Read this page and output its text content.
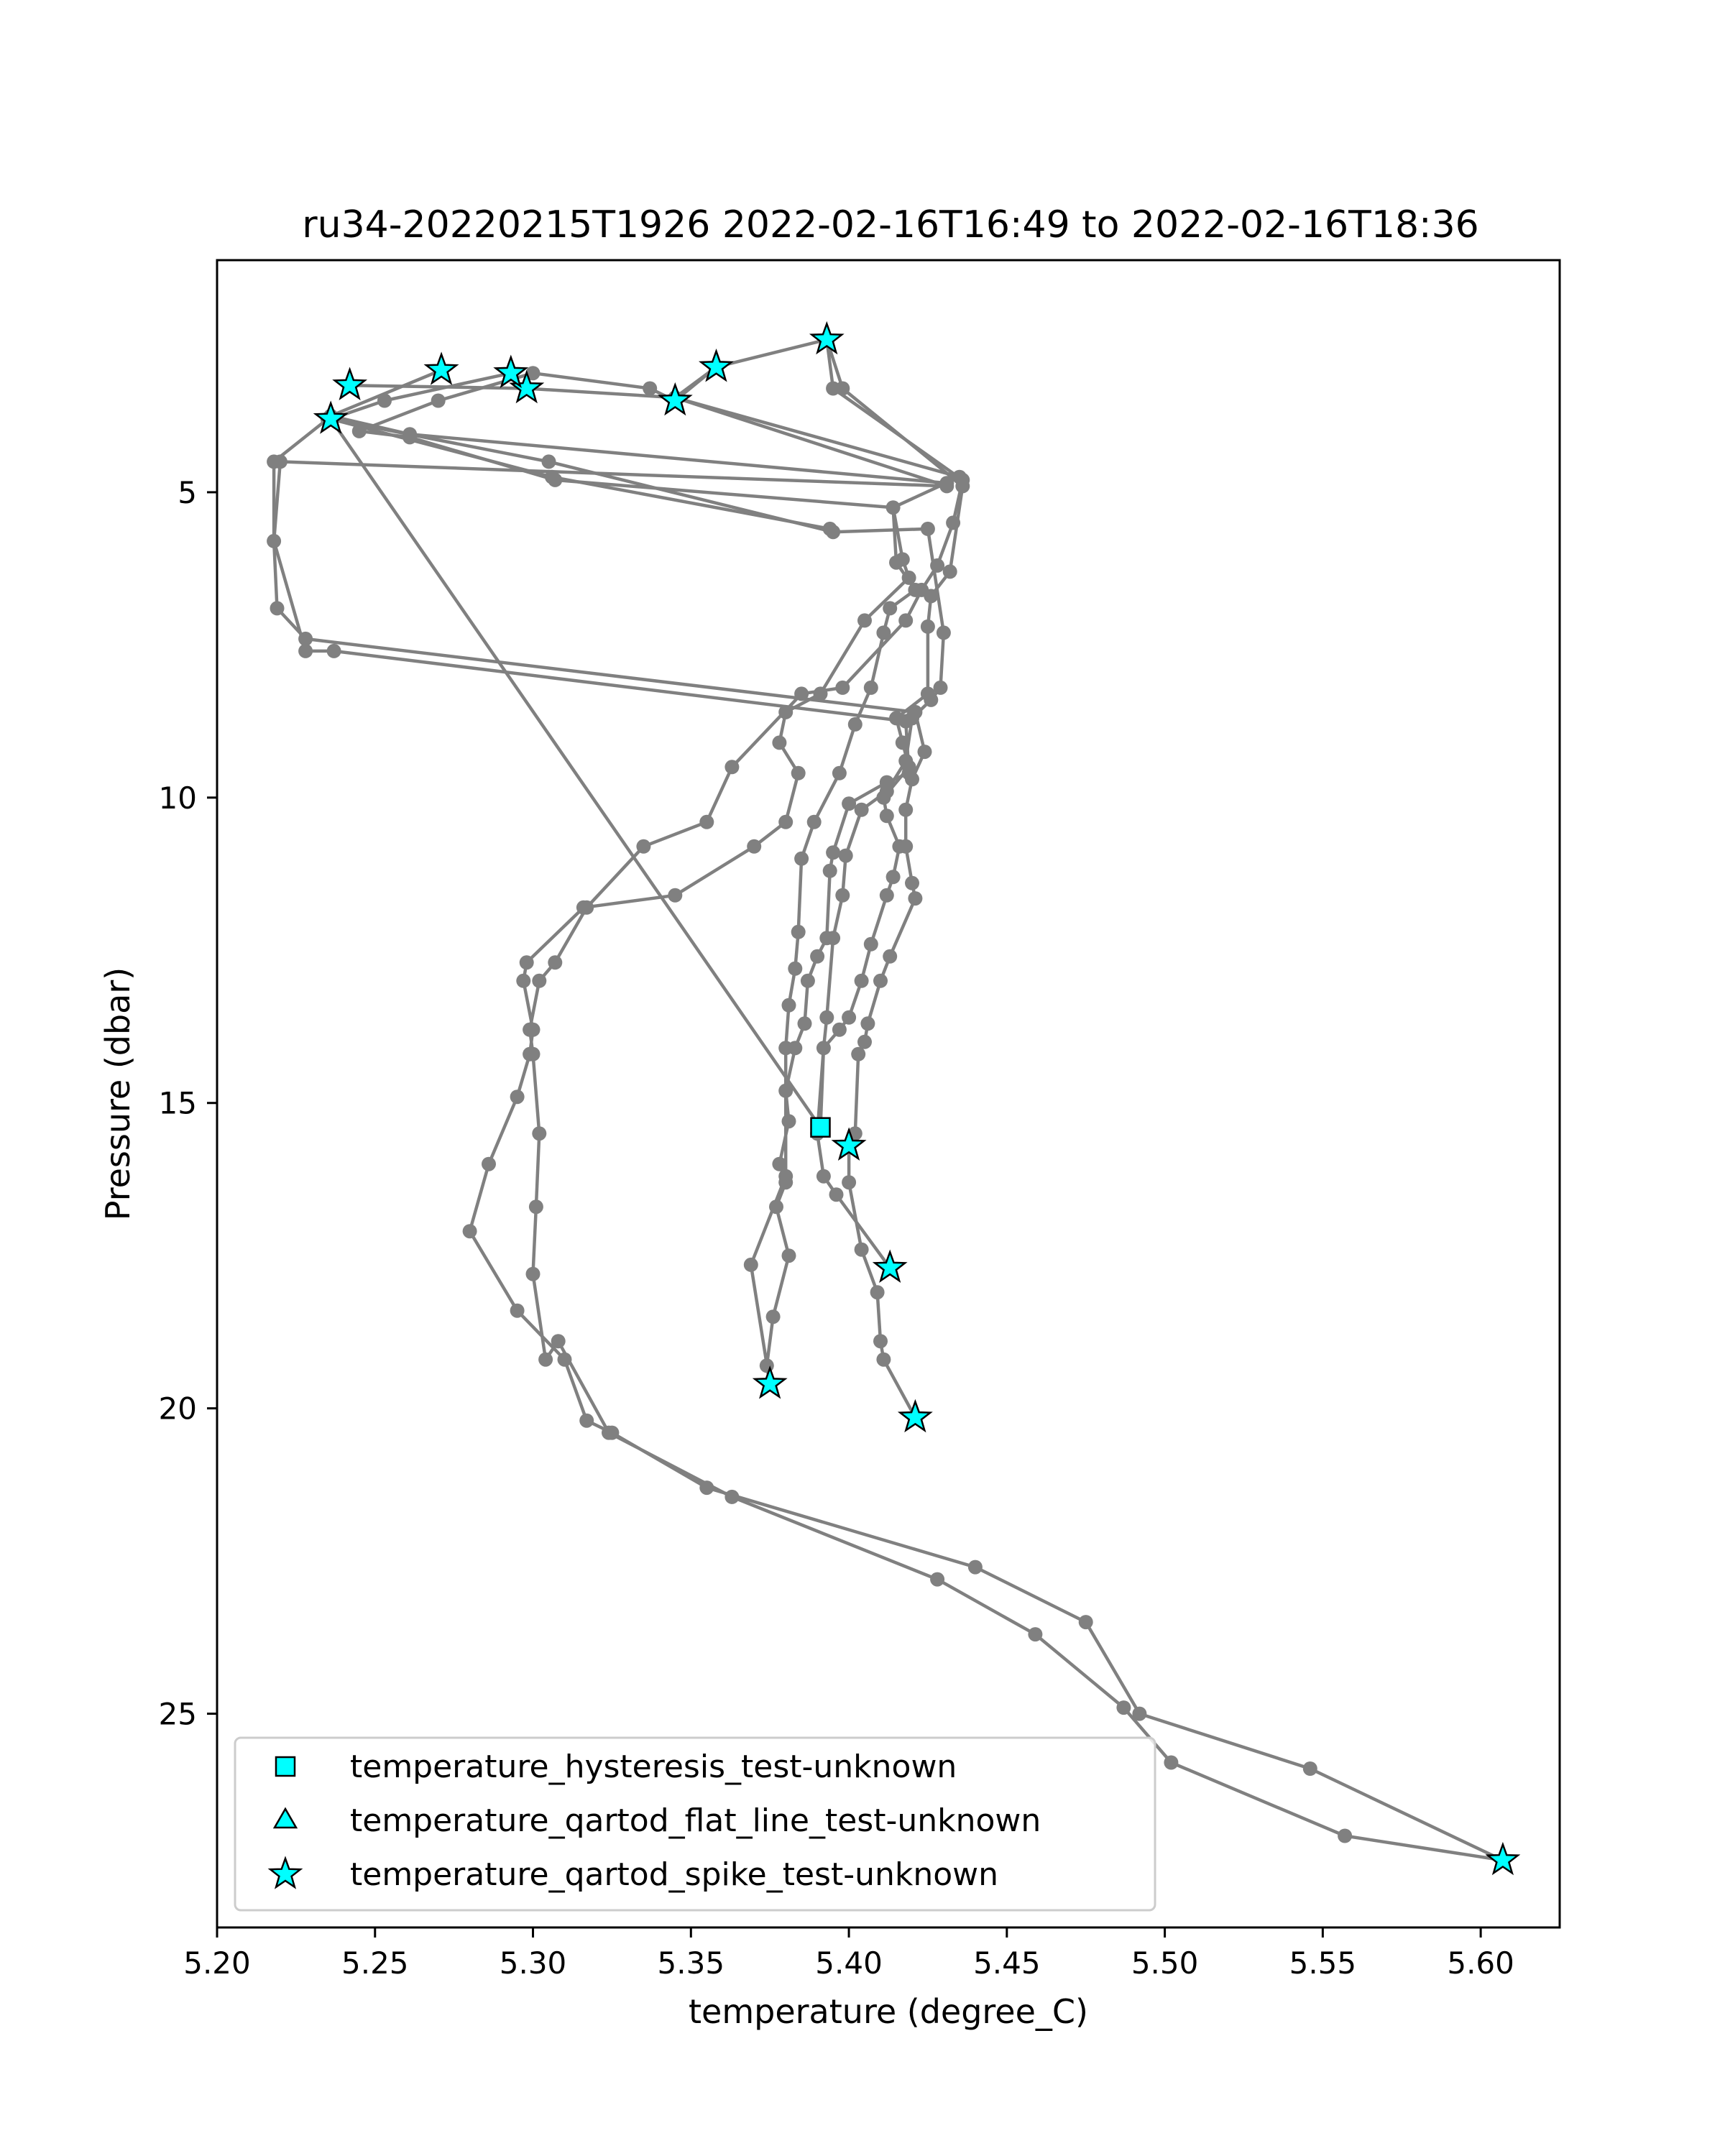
ru34-20220215T1926 2022-02-16T16:49 to 2022-02-16T18:36
5.20	5.25	5.30	5.35	5.40	5.45	5.50	5.55	5.60
5
10
15
20
25
temperature (degree_C)
Pressure (dbar)
temperature_hysteresis_test-unknown
temperature_qartod_flat_line_test-unknown
temperature_qartod_spike_test-unknown
